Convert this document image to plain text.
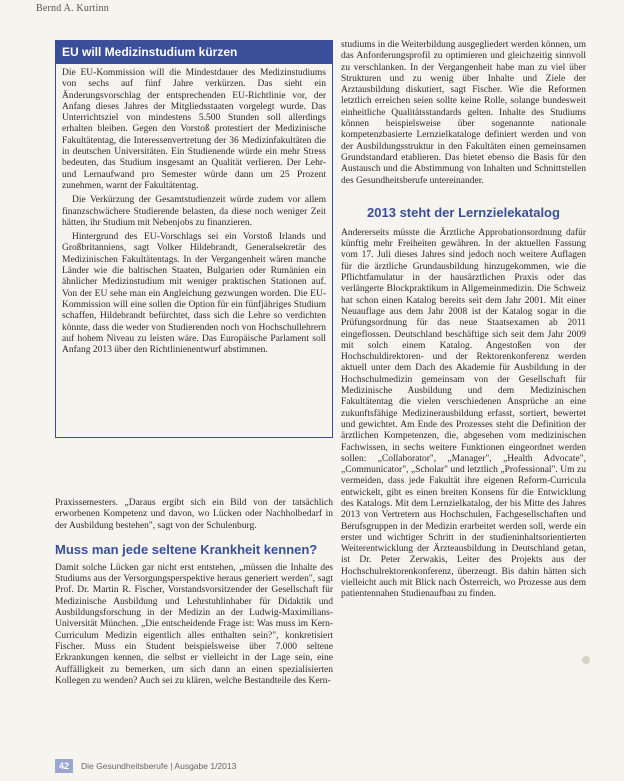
Bernd A. Kurtinn
EU will Medizinstudium kürzen

Die EU-Kommission will die Mindestdauer des Medizinstudiums von sechs auf fünf Jahre verkürzen. Das sieht ein Änderungsvorschlag der entsprechenden EU-Richtlinie vor, der Anfang dieses Jahres der Mitgliedsstaaten vorgelegt wurde. Das Unterrichtsziel von mindestens 5.500 Stunden soll allerdings erhalten bleiben. Gegen den Vorstoß protestiert der Medizinische Fakultätentag, die Interessenvertretung der 36 Medizinfakultäten die in deutschen Universitäten. Ein Studienende würde ein mehr Stress bedeuten, das Studium insgesamt an Qualität verlieren. Der Lehr- und Lernaufwand pro Semester würde dann um 25 Prozent zunehmen, warnt der Fakultätentag.

Die Verkürzung der Gesamtstudienzeit würde zudem vor allem finanzschwächere Studierende belasten, da diese noch weniger Zeit hätten, ihr Studium mit Nebenjobs zu finanzieren.

Hintergrund des EU-Vorschlags sei ein Vorstoß Irlands und Großbritanniens, sagt Volker Hildebrandt, Generalsekretär des Medizinischen Fakultätentags. In der Vergangenheit wären manche Länder wie die baltischen Staaten, Bulgarien oder Rumänien ein ähnlicher Medizinstudium mit weniger praktischen Stationen auf. Von der EU sehe man ein Angleichung gezwungen worden. Die EU-Kommission will eine sollen die Option für ein fünfjähriges Studium schaffen, Hildebrandt befürchtet, dass sich die Lehre so verdichten könnte, dass die weder von Studierenden noch von Hochschullehrern auf hohem Niveau zu leisten wäre. Das Europäische Parlament soll Anfang 2013 über den Richtlinienentwurf abstimmen.

Praxissemesters. „Daraus ergibt sich ein Bild von der tatsächlich erworbenen Kompetenz und davon, wo Lücken oder Nachholbedarf in der Ausbildung bestehen", sagt von der Schulenburg.

Muss man jede seltene Krankheit kennen?

Damit solche Lücken gar nicht erst entstehen, „müssen die Inhalte des Studiums aus der Versorgungsperspektive heraus generiert werden", sagt Prof. Dr. Martin R. Fischer, Vorstandsvorsitzender der Gesellschaft für Medizinische Ausbildung und Lehrstuhlinhaber für Didaktik und Ausbildungsforschung in der Medizin an der Ludwig-Maximilians-Universität München. „Die entscheidende Frage ist: Was muss im Kern-Curriculum Medizin eigentlich alles enthalten sein?", konkretisiert Fischer. Muss ein Student beispielsweise über 7.000 seltene Erkrankungen kennen, die selbst er vielleicht in der Lage sein, eine Auffälligkeit zu bemerken, um sich dann an einen spezialisierten Kollegen zu wenden? Auch sei zu klären, welche Bestandteile des Kern-

studiums in die Weiterbildung ausgegliedert werden können, um das Anforderungsprofil zu optimieren und gleichzeitig sinnvoll zu verschlanken. In der Vergangenheit habe man zu viel über Strukturen und zu wenig über Inhalte und Ziele der Arztausbildung diskutiert, sagt Fischer. Wie die Reformen letztlich erreichen seien sollte keine Rolle, solange bundesweit einheitliche Qualitätsstandards gelten. Inhalte des Studiums können beispielsweise über sogenannte nationale kompetenzbasierte Lernzielkataloge definiert werden und von der Ausbildungsstruktur in den Fakultäten einen gemeinsamen Grundstandard etablieren. Das bietet ebenso die Basis für den Austausch und die Abstimmung von Inhalten und Schnittstellen des Gesundheitsberufe untereinander.

2013 steht der Lernzielekatalog

Andererseits müsste die Ärztliche Approbationsordnung dafür künftig mehr Freiheiten gewähren. In der aktuellen Fassung vom 17. Juli dieses Jahres sind jedoch noch weitere Auflagen für die ärztliche Grundausbildung hinzugekommen, wie die Pflichtfamulatur in der hausärztlichen Praxis oder das verlängerte Blockpraktikum in Allgemeinmedizin. Die Schweiz hat schon einen Katalog bereits seit dem Jahr 2001. Mit einer Neuauflage aus dem Jahr 2008 ist der Katalog sogar in die Prüfungsordnung für das neue Staatsexamen ab 2011 eingeflossen. Deutschland beschäftige sich seit dem Jahr 2009 mit solch einem Katalog. Angestoßen von der Hochschuldirektoren- und der Rektorenkonferenz werden aktuell unter dem Dach des Akademie für Ausbildung in der Hochschulmedizin gemeinsam von der Gesellschaft für Medizinische Ausbildung und dem Medizinischen Fakultätentag die vielen verschiedenen Ansprüche an eine zukunftsfähige Medizinerausbildung erfasst, sortiert, bewertet und gewichtet. Am Ende des Prozesses steht die Definition der ärztlichen Kompetenzen, die, abgesehen vom medizinischen Fachwissen, in sechs weitere Funktionen eingeordnet werden sollen: „Collaborator", „Manager", „Health Advocate", „Communicator", „Scholar" und letztlich „Professional". Um zu vermeiden, dass jede Fakultät ihre eigenen Reform-Curricula entwickelt, gibt es einen breiten Konsens für die Entwicklung des Katalogs. Mit dem Lernzielkatalog, der bis Mitte des Jahres 2013 von Vertretern aus Hochschulen, Fachgesellschaften und Berufsgruppen in der Medizin erarbeitet werden soll, werde ein erster und wichtiger Schritt in der studieninhaltsorientierten Weiterentwicklung der Ärzteausbildung in Deutschland getan, ist Dr. Peter Zerwakis, Leiter des Projekts aus der Hochschulrektorenkonferenz, überzeugt. Bis dahin hätten sich vielleicht auch mit Blick nach Österreich, wo Prozesse aus dem patientennahen Studienaufbau zu finden.

42	Die Gesundheitsberufe | Ausgabe 1/2013
